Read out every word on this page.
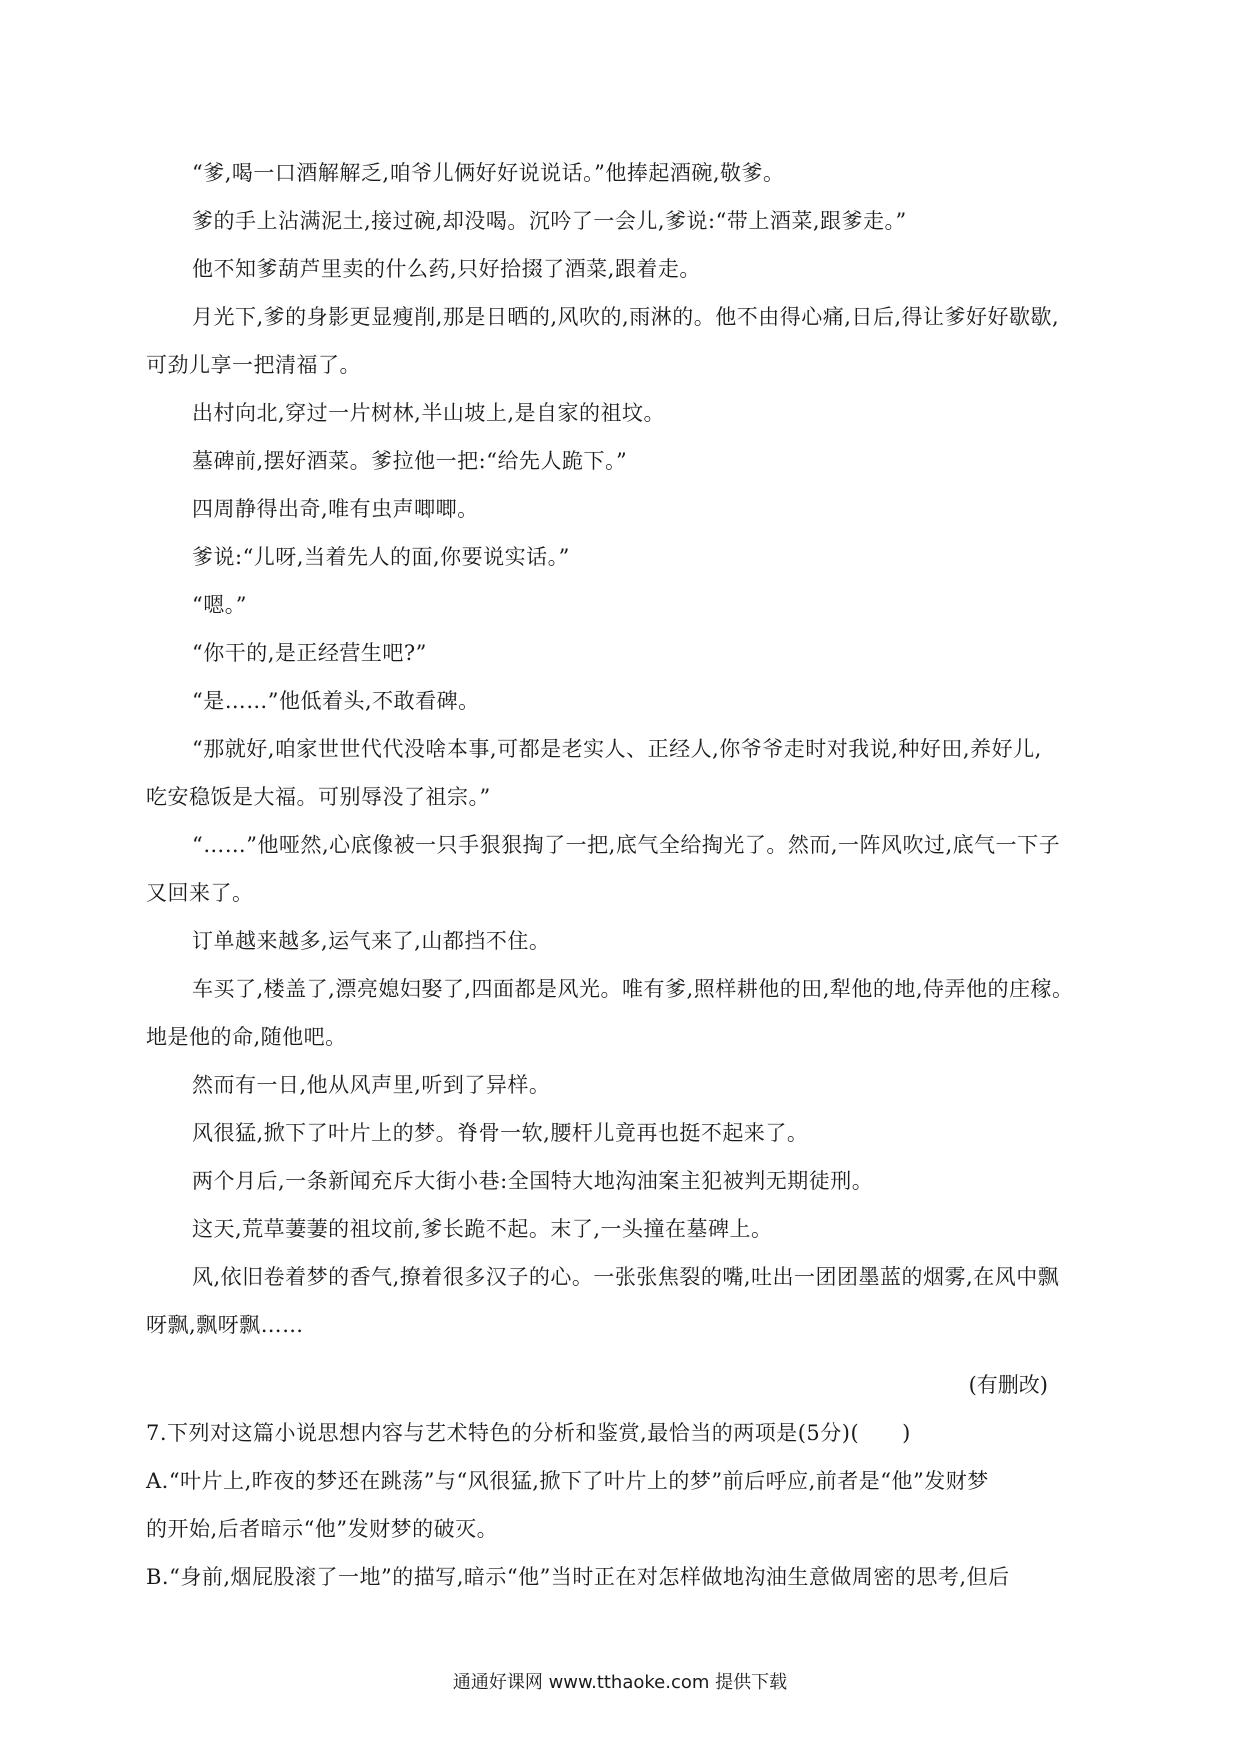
“爹,喝一口酒解解乏,咱爷儿俩好好说说话。”他捧起酒碗,敬爹。
爹的手上沾满泥土,接过碗,却没喝。沉吟了一会儿,爹说:“带上酒菜,跟爹走。”
他不知爹葫芦里卖的什么药,只好拾掇了酒菜,跟着走。
月光下,爹的身影更显瘦削,那是日晒的,风吹的,雨淋的。他不由得心痛,日后,得让爹好好歇歇,
可劲儿享一把清福了。
出村向北,穿过一片树林,半山坡上,是自家的祖坟。
墓碑前,摆好酒菜。爹拉他一把:“给先人跪下。”
四周静得出奇,唯有虫声唧唧。
爹说:“儿呀,当着先人的面,你要说实话。”
“嗯。”
“你干的,是正经营生吧?”
“是……”他低着头,不敢看碑。
“那就好,咱家世世代代没啥本事,可都是老实人、正经人,你爷爷走时对我说,种好田,养好儿,
吃安稳饭是大福。可别辱没了祖宗。”
“……”他哑然,心底像被一只手狠狠掏了一把,底气全给掏光了。然而,一阵风吹过,底气一下子
又回来了。
订单越来越多,运气来了,山都挡不住。
车买了,楼盖了,漂亮媳妇娶了,四面都是风光。唯有爹,照样耕他的田,犁他的地,侍弄他的庄稼。
地是他的命,随他吧。
然而有一日,他从风声里,听到了异样。
风很猛,掀下了叶片上的梦。脊骨一软,腰杆儿竟再也挺不起来了。
两个月后,一条新闻充斥大街小巷:全国特大地沟油案主犯被判无期徒刑。
这天,荒草萋萋的祖坟前,爹长跪不起。末了,一头撞在墓碑上。
风,依旧卷着梦的香气,撩着很多汉子的心。一张张焦裂的嘴,吐出一团团墨蓝的烟雾,在风中飘
呀飘,飘呀飘……
(有删改)
7.下列对这篇小说思想内容与艺术特色的分析和鉴赏,最恰当的两项是(5分)(　　)
A.“叶片上,昨夜的梦还在跳荡”与“风很猛,掀下了叶片上的梦”前后呼应,前者是“他”发财梦
的开始,后者暗示“他”发财梦的破灭。
B.“身前,烟屁股滚了一地”的描写,暗示“他”当时正在对怎样做地沟油生意做周密的思考,但后
通通好课网 www.tthaoke.com 提供下载
